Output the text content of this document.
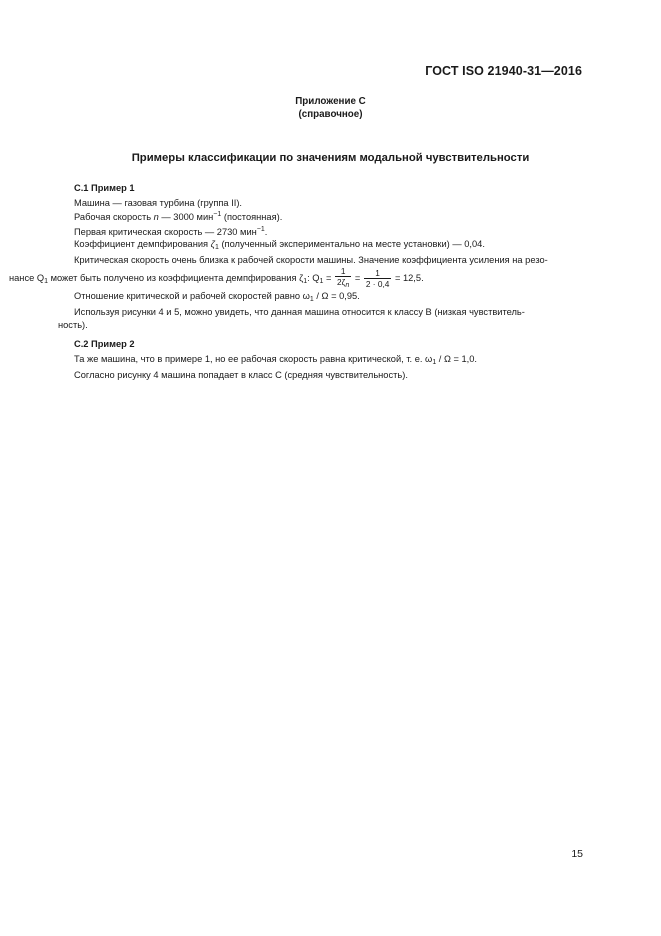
ГОСТ ISO 21940-31—2016
Приложение С
(справочное)
Примеры классификации по значениям модальной чувствительности

С.1 Пример 1

Машина — газовая турбина (группа II).

Рабочая скорость n — 3000 мин$^{-1}$ (постоянная).

Первая критическая скорость — 2730 мин$^{-1}$.

Коэффициент демпфирования $\zeta_1$ (полученный экспериментально на месте установки) — 0,04.

Критическая скорость очень близка к рабочей скорости машины. Значение коэффициента усиления на резо-

нансе $Q_1$ может быть получено из коэффициента демпфирования $\zeta_1$: $Q_1 = \frac{1}{2\zeta_n} = \frac{1}{2 \cdot 0,4} = 12,5$.

Отношение критической и рабочей скоростей равно $\omega_1 / \Omega = 0,95$.

Используя рисунки 4 и 5, можно увидеть, что данная машина относится к классу В (низкая чувствитель-

ность).

С.2 Пример 2

Та же машина, что в примере 1, но ее рабочая скорость равна критической, т. е. $\omega_1 / \Omega = 1,0$.

Согласно рисунку 4 машина попадает в класс С (средняя чувствительность).

15
